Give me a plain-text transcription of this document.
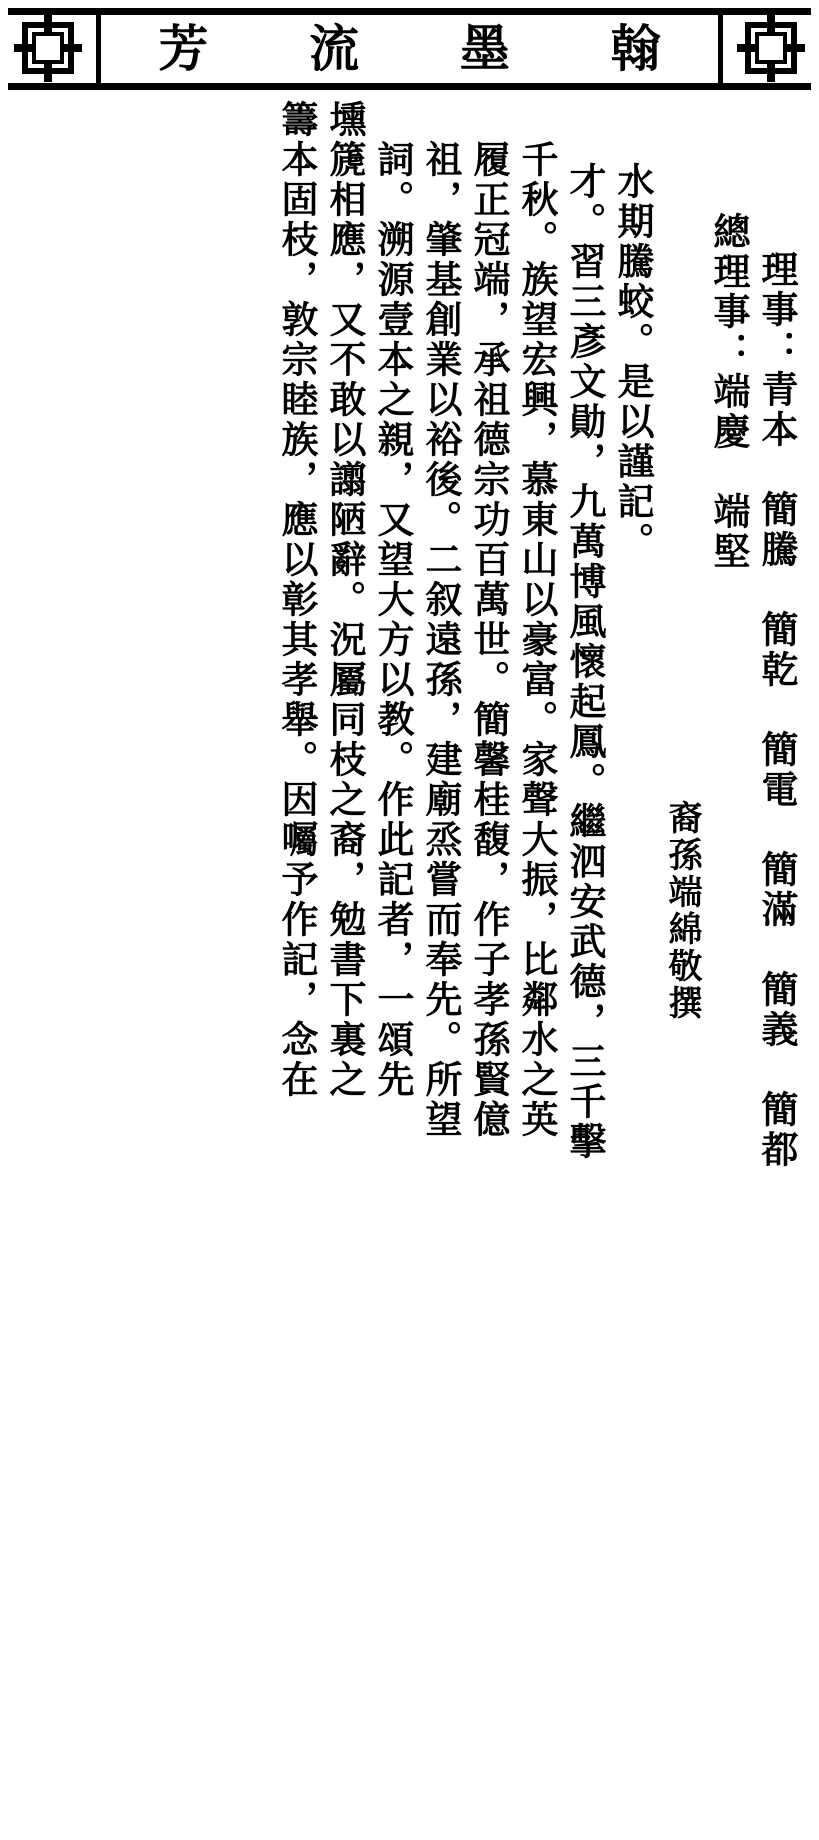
翰
墨
流
芳
籌本固枝，敦宗睦族，應以彰其孝舉。因囑予作記，念在 壎篪相應，又不敢以譾陋辭。況屬同枝之裔，勉書下裏之 詞。溯源壹本之親，又望大方以教。作此記者，一頌先 祖，肇基創業以裕後。二叙遠孫，建廟烝嘗而奉先。所望 履正冠端，承祖德宗功百萬世。簡馨桂馥，作子孝孫賢億 千秋。族望宏興，慕東山以豪富。家聲大振，比鄰水之英 才。習三彥文勛，九萬博風懷起鳳。繼泗安武德，三千擊 水期騰蛟。是以謹記。
裔孫端綿敬撰
總理事：端慶　端堅 理事：青本　簡騰　簡乾　簡電　簡滿　簡義　簡都
